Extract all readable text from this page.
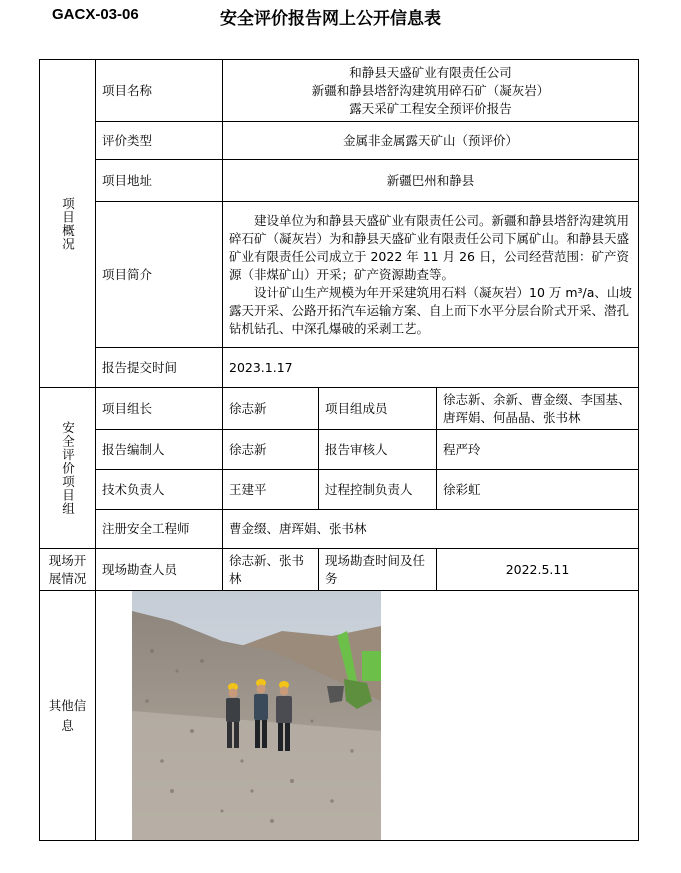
GACX-03-06	安全评价报告网上公开信息表
项目概况	项目名称	和静县天盛矿业有限责任公司
新疆和静县塔舒沟建筑用碎石矿（凝灰岩）
露天采矿工程安全预评价报告		

	评价类型	金属非金属露天矿山（预评价）		
	项目地址	新疆巴州和静县		
	项目简介	建设单位为和静县天盛矿业有限责任公司。新疆和静县塔舒沟建筑用碎石矿（凝灰岩）为和静县天盛矿业有限责任公司下属矿山。和静县天盛矿业有限责任公司成立于 2022 年 11 月 26 日，公司经营范围：矿产资源（非煤矿山）开采；矿产资源勘查等。

设计矿山生产规模为年开采建筑用石料（凝灰岩）10 万 m³/a、山坡露天开采、公路开拓汽车运输方案、自上而下水平分层台阶式开采、潜孔钻机钻孔、中深孔爆破的采剥工艺。		

	报告提交时间	2023.1.17		

安全评价项目组	项目组长	徐志新	项目组成员	徐志新、余新、曹金缀、李国基、唐珲娟、何晶晶、张书林
	报告编制人	徐志新	报告审核人	程严玲
	技术负责人	王建平	过程控制负责人	徐彩虹
	注册安全工程师	曹金缀、唐珲娟、张书林		
现场开展情况	现场勘查人员	徐志新、张书林	现场勘查时间及任务	2022.5.11
其他信息	
